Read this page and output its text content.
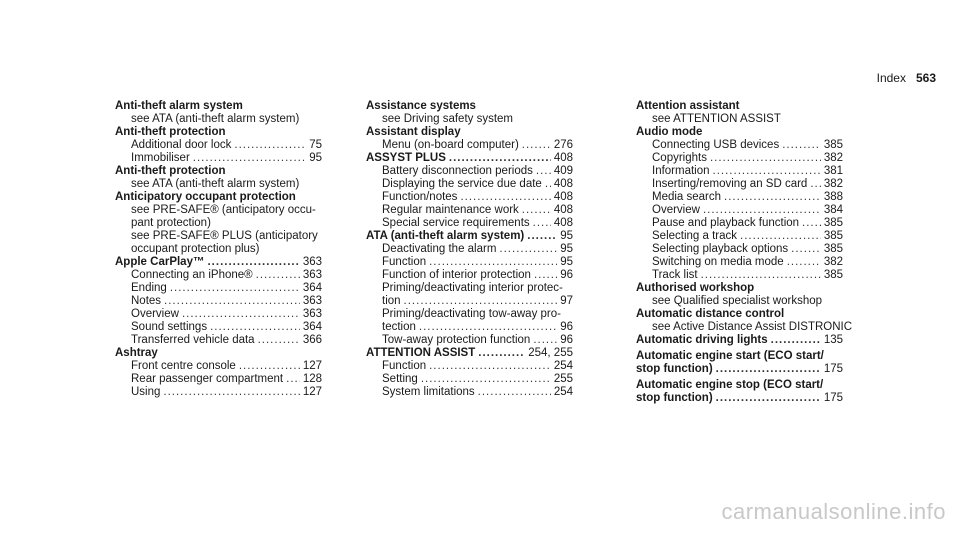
Index 563
Anti-theft alarm system
see ATA (anti-theft alarm system)
Anti-theft protection
Additional door lock .....	75
Immobiliser .....	95
Anti-theft protection
see ATA (anti-theft alarm system)
Anticipatory occupant protection
see PRE-SAFE® (anticipatory occu-
pant protection)
see PRE-SAFE® PLUS (anticipatory
occupant protection plus)
Apple CarPlay™ .....	363
Connecting an iPhone® .....	363
Ending .....	364
Notes .....	363
Overview .....	363
Sound settings .....	364
Transferred vehicle data .....	366
Ashtray
Front centre console .....	127
Rear passenger compartment ..... 128
Using .....	127
Assistance systems
see Driving safety system
Assistant display
Menu (on-board computer) .....	276
ASSYST PLUS .....	408
Battery disconnection periods ..... 409
Displaying the service due date ..... 408
Function/notes .....	408
Regular maintenance work .....	408
Special service requirements ..... 408
ATA (anti-theft alarm system) .....	95
Deactivating the alarm .....	95
Function .....	95
Function of interior protection .....	96
Priming/deactivating interior protec-
tion .....	97
Priming/deactivating tow-away pro-
tection .....	96
Tow-away protection function .....	96
ATTENTION ASSIST .....	254, 255
Function .....	254
Setting .....	255
System limitations .....	254
Attention assistant
see ATTENTION ASSIST
Audio mode
Connecting USB devices .....	385
Copyrights .....	382
Information .....	381
Inserting/removing an SD card ..... 382
Media search .....	388
Overview .....	384
Pause and playback function ..... 385
Selecting a track .....	385
Selecting playback options .....	385
Switching on media mode .....	382
Track list .....	385
Authorised workshop
see Qualified specialist workshop
Automatic distance control
see Active Distance Assist DISTRONIC
Automatic driving lights .....	135
Automatic engine start (ECO start/
stop function) .....	175
Automatic engine stop (ECO start/
stop function) .....	175
carmanualsonline.info
